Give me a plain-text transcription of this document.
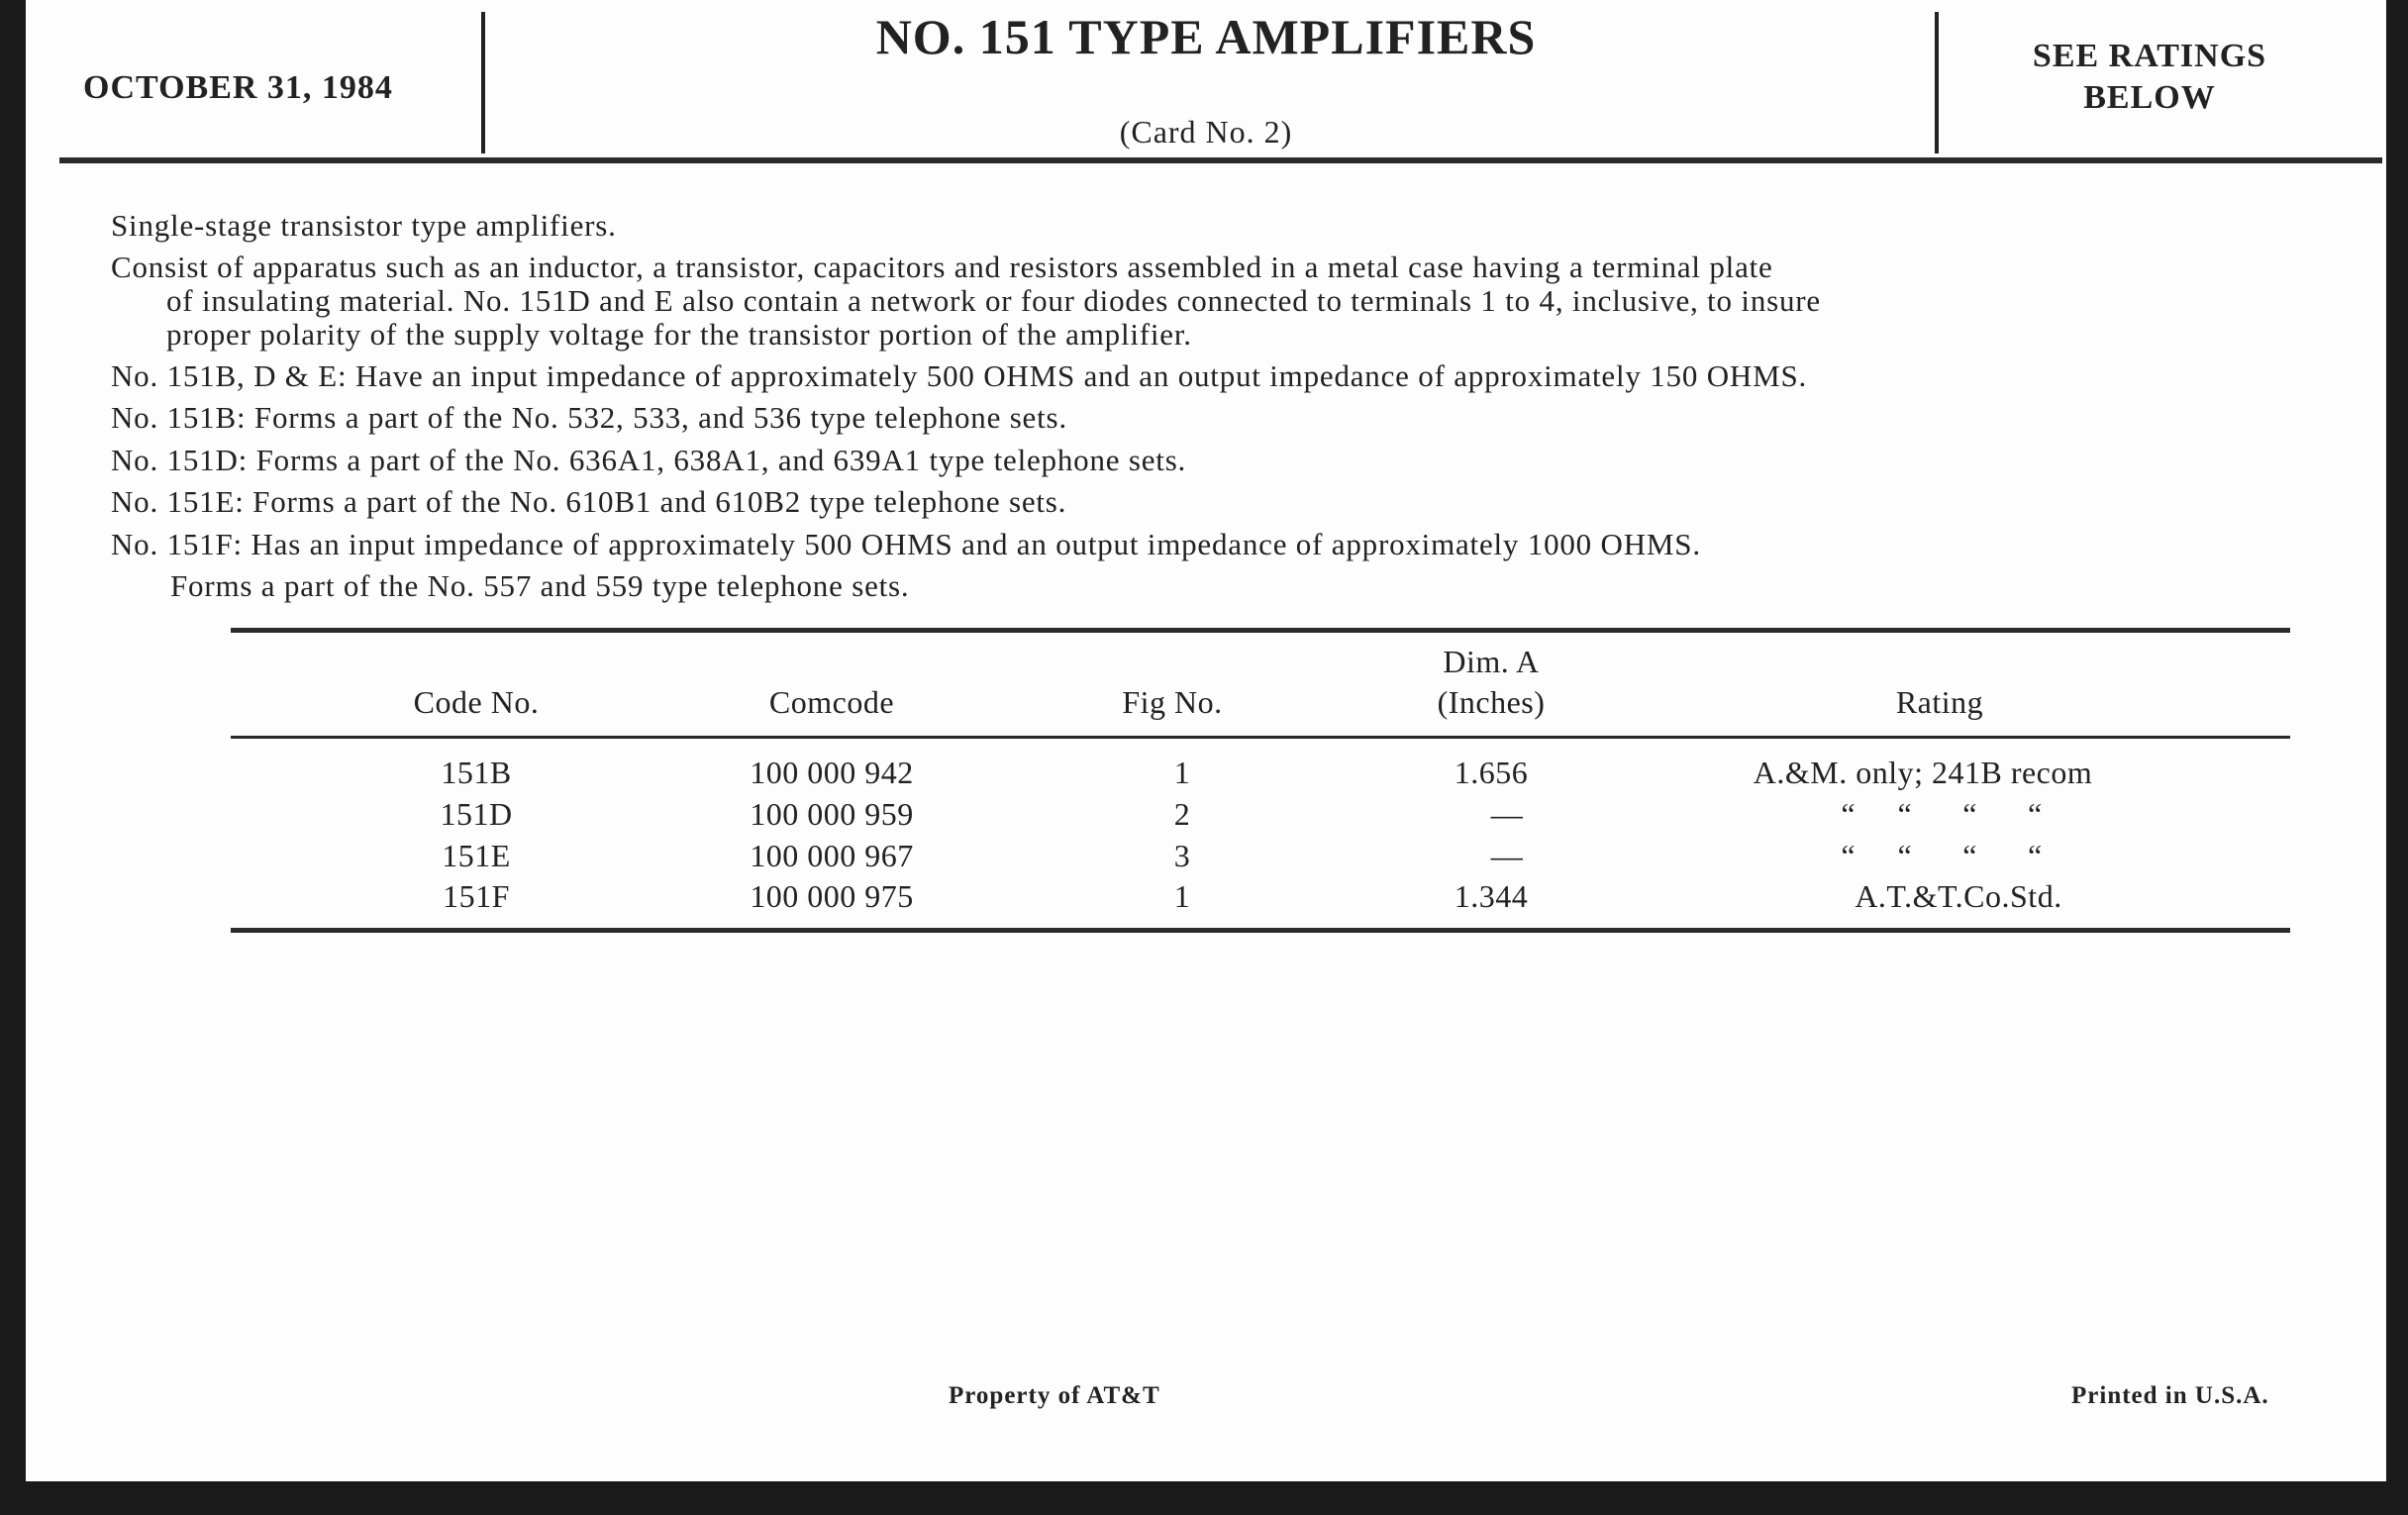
OCTOBER 31, 1984
NO. 151 TYPE AMPLIFIERS
(Card No. 2)
SEE RATINGS
BELOW

Single-stage transistor type amplifiers.

Consist of apparatus such as an inductor, a transistor, capacitors and resistors assembled in a metal case having a terminal plate

of insulating material. No. 151D and E also contain a network or four diodes connected to terminals 1 to 4, inclusive, to insure

proper polarity of the supply voltage for the transistor portion of the amplifier.

No. 151B, D & E: Have an input impedance of approximately 500 OHMS and an output impedance of approximately 150 OHMS.

No. 151B: Forms a part of the No. 532, 533, and 536 type telephone sets.

No. 151D: Forms a part of the No. 636A1, 638A1, and 639A1 type telephone sets.

No. 151E: Forms a part of the No. 610B1 and 610B2 type telephone sets.

No. 151F: Has an input impedance of approximately 500 OHMS and an output impedance of approximately 1000 OHMS.

Forms a part of the No. 557 and 559 type telephone sets.

Code No.	Comcode	Fig No.
Dim. A
(Inches)	Rating
151B	100 000 942	1	1.656	A.&M. only; 241B recom
151D	100 000 959	2	—	“     “      “      “
151E	100 000 967	3	—	“     “      “      “
151F	100 000 975	1	1.344	A.T.&T.Co.Std.
Property of AT&T	Printed in U.S.A.
